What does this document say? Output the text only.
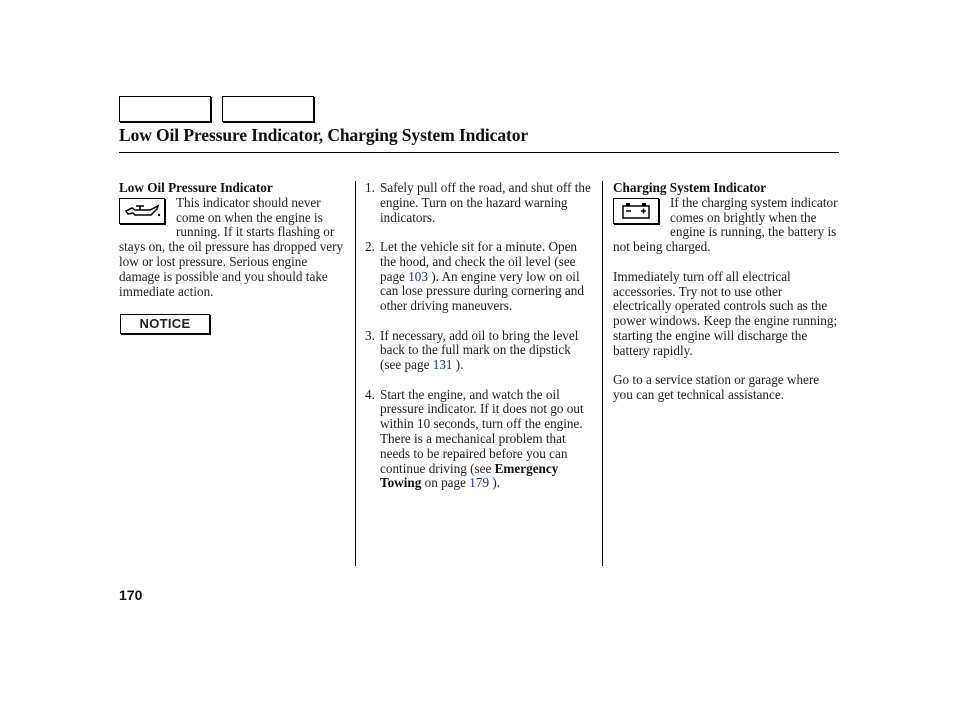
Low Oil Pressure Indicator, Charging System Indicator
Low Oil Pressure Indicator
This indicator should never come on when the engine is running. If it starts flashing or stays on, the oil pressure has dropped very low or lost pressure. Serious engine damage is possible and you should take immediate action.
NOTICE
1. Safely pull off the road, and shut off the engine. Turn on the hazard warning indicators.
2. Let the vehicle sit for a minute. Open the hood, and check the oil level (see page 103 ). An engine very low on oil can lose pressure during cornering and other driving maneuvers.
3. If necessary, add oil to bring the level back to the full mark on the dipstick (see page 131 ).
4. Start the engine, and watch the oil pressure indicator. If it does not go out within 10 seconds, turn off the engine. There is a mechanical problem that needs to be repaired before you can continue driving (see Emergency Towing on page 179 ).
Charging System Indicator
If the charging system indicator comes on brightly when the engine is running, the battery is not being charged.
Immediately turn off all electrical accessories. Try not to use other electrically operated controls such as the power windows. Keep the engine running; starting the engine will discharge the battery rapidly.
Go to a service station or garage where you can get technical assistance.
170
